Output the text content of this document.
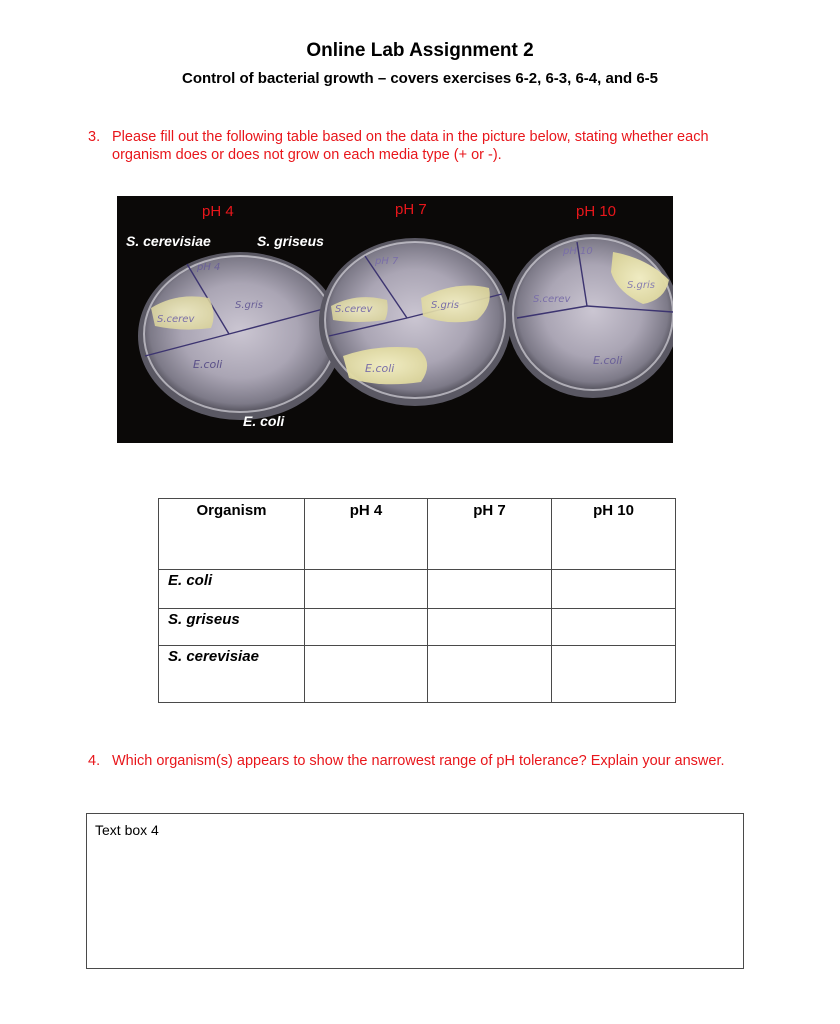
Online Lab Assignment 2
Control of bacterial growth – covers exercises 6-2, 6-3, 6-4, and 6-5
3. Please fill out the following table based on the data in the picture below, stating whether each organism does or does not grow on each media type (+ or -).
S.cerev
S.gris
E.coli
pH 4
S.cerev	S.gris
E.coli
pH 7
S.cerev
S.gris
E.coli
pH 10
pH 4	pH 7	pH 10
S. cerevisiae	S. griseus
E. coli
Organism	pH 4	pH 7	pH 10
E. coli			
S. griseus			
S. cerevisiae			
4. Which organism(s) appears to show the narrowest range of pH tolerance? Explain your answer.
Text box 4
